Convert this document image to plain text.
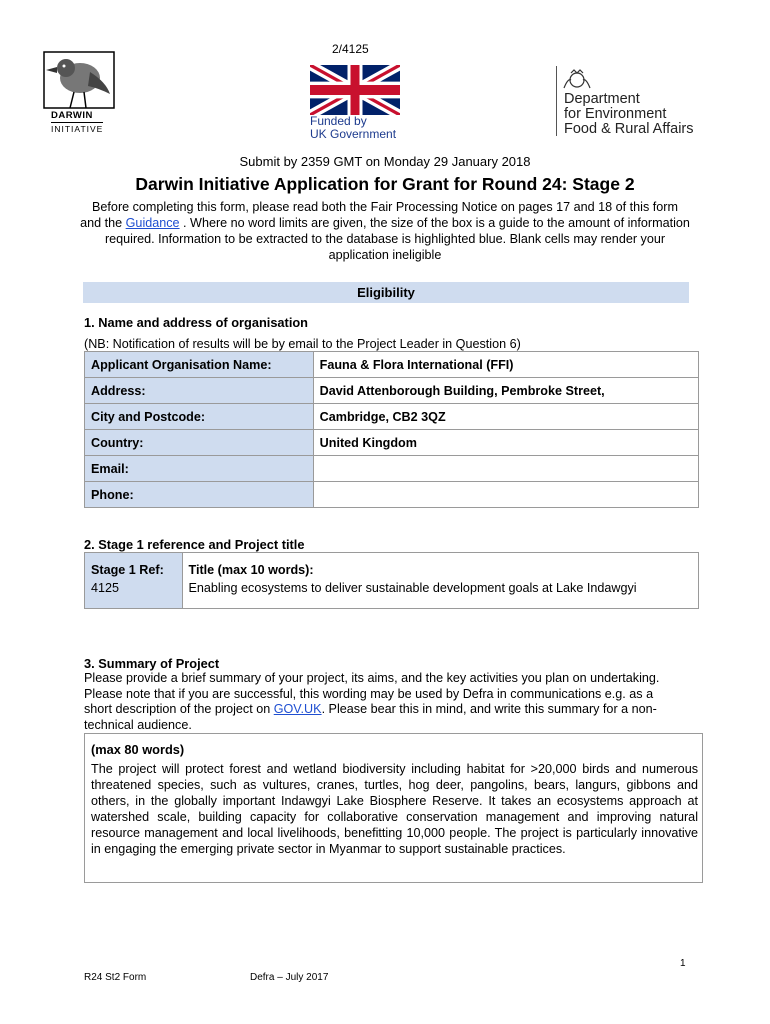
2/4125
DARWIN
INITIATIVE
Funded by
UK Government
Department
for Environment
Food & Rural Affairs
Submit by 2359 GMT on Monday 29 January 2018
Darwin Initiative Application for Grant for Round 24: Stage 2
Before completing this form, please read both the Fair Processing Notice on pages 17 and 18 of this form and the Guidance . Where no word limits are given, the size of the box is a guide to the amount of information required. Information to be extracted to the database is highlighted blue. Blank cells may render your application ineligible
Eligibility
1. Name and address of organisation
(NB: Notification of results will be by email to the Project Leader in Question 6)
Applicant Organisation Name:	Fauna & Flora International (FFI)
Address:	David Attenborough Building, Pembroke Street,
City and Postcode:	Cambridge, CB2 3QZ
Country:	United Kingdom
Email:	
Phone:	
2. Stage 1 reference and Project title
Stage 1 Ref:
4125

Title (max 10 words):
Enabling ecosystems to deliver sustainable development goals at Lake Indawgyi
3. Summary of Project
Please provide a brief summary of your project, its aims, and the key activities you plan on undertaking. Please note that if you are successful, this wording may be used by Defra in communications e.g. as a short description of the project on GOV.UK. Please bear this in mind, and write this summary for a non-technical audience.
(max 80 words)
The project will protect forest and wetland biodiversity including habitat for >20,000 birds and numerous threatened species, such as vultures, cranes, turtles, hog deer, pangolins, bears, langurs, gibbons and others, in the globally important Indawgyi Lake Biosphere Reserve. It takes an ecosystems approach at watershed scale, building capacity for collaborative conservation management and improving natural resource management and local livelihoods, benefitting 10,000 people. The project is particularly innovative in engaging the emerging private sector in Myanmar to support sustainable practices.
1
R24 St2 Form	Defra – July 2017
